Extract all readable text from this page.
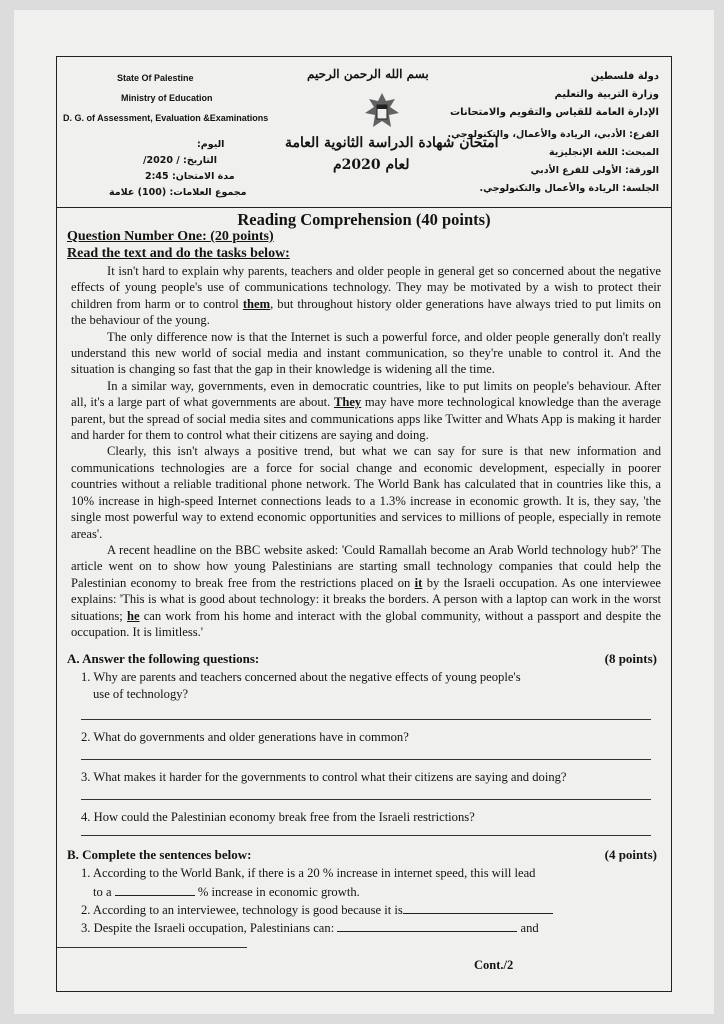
State Of Palestine
Ministry of Education
D. G. of Assessment, Evaluation &Examinations
دولة فلسطين
وزارة التربية والتعليم
الإدارة العامة للقياس والتقويم والامتحانات
بسم الله الرحمن الرحيم
امتحان شهادة الدراسة الثانوية العامة
لعام 2020م
الفرع: الأدبي، الريادة والأعمال، والتكنولوجي.
المبحث: اللغة الإنجليزية
الورقة: الأولى للفرع الأدبي
الجلسة: الريادة والأعمال والتكنولوجي.
اليوم:
التاريخ: / 2020/
مدة الامتحان: 2:45
مجموع العلامات: (100) علامة
Reading Comprehension (40 points)
Question Number One: (20 points)
Read the text and do the tasks below:

It isn't hard to explain why parents, teachers and older people in general get so concerned about the negative effects of young people's use of communications technology. They may be motivated by a wish to protect their children from harm or to control them, but throughout history older generations have always tried to put limits on the behaviour of the young.

The only difference now is that the Internet is such a powerful force, and older people generally don't really understand this new world of social media and instant communication, so they're unable to control it. And the situation is changing so fast that the gap in their knowledge is widening all the time.

In a similar way, governments, even in democratic countries, like to put limits on people's behaviour. After all, it's a large part of what governments are about. They may have more technological knowledge than the average parent, but the spread of social media sites and communications apps like Twitter and Whats App is making it harder and harder for them to control what their citizens are saying and doing.

Clearly, this isn't always a positive trend, but what we can say for sure is that new information and communications technologies are a force for social change and economic development, especially in poorer countries without a reliable traditional phone network. The World Bank has calculated that in countries like this, a 10% increase in high-speed Internet connections leads to a 1.3% increase in economic growth. It is, they say, 'the single most powerful way to extend economic opportunities and services to millions of people, especially in remote areas'.

A recent headline on the BBC website asked: 'Could Ramallah become an Arab World technology hub?' The article went on to show how young Palestinians are starting small technology companies that could help the Palestinian economy to break free from the restrictions placed on it by the Israeli occupation. As one interviewee explains: 'This is what is good about technology: it breaks the borders. A person with a laptop can work in the worst situations; he can work from his home and interact with the global community, without a passport and despite the occupation. It is limitless.'

A. Answer the following questions:	(8 points)
1. Why are parents and teachers concerned about the negative effects of young people's
use of technology?
2. What do governments and older generations have in common?
3. What makes it harder for the governments to control what their citizens are saying and doing?
4. How could the Palestinian economy break free from the Israeli restrictions?
B. Complete the sentences below:	(4 points)
1. According to the World Bank, if there is a 20 % increase in internet speed, this will lead
to a	% increase in economic growth.
2. According to an interviewee, technology is good because it is
3. Despite the Israeli occupation, Palestinians can:	and
Cont./2
